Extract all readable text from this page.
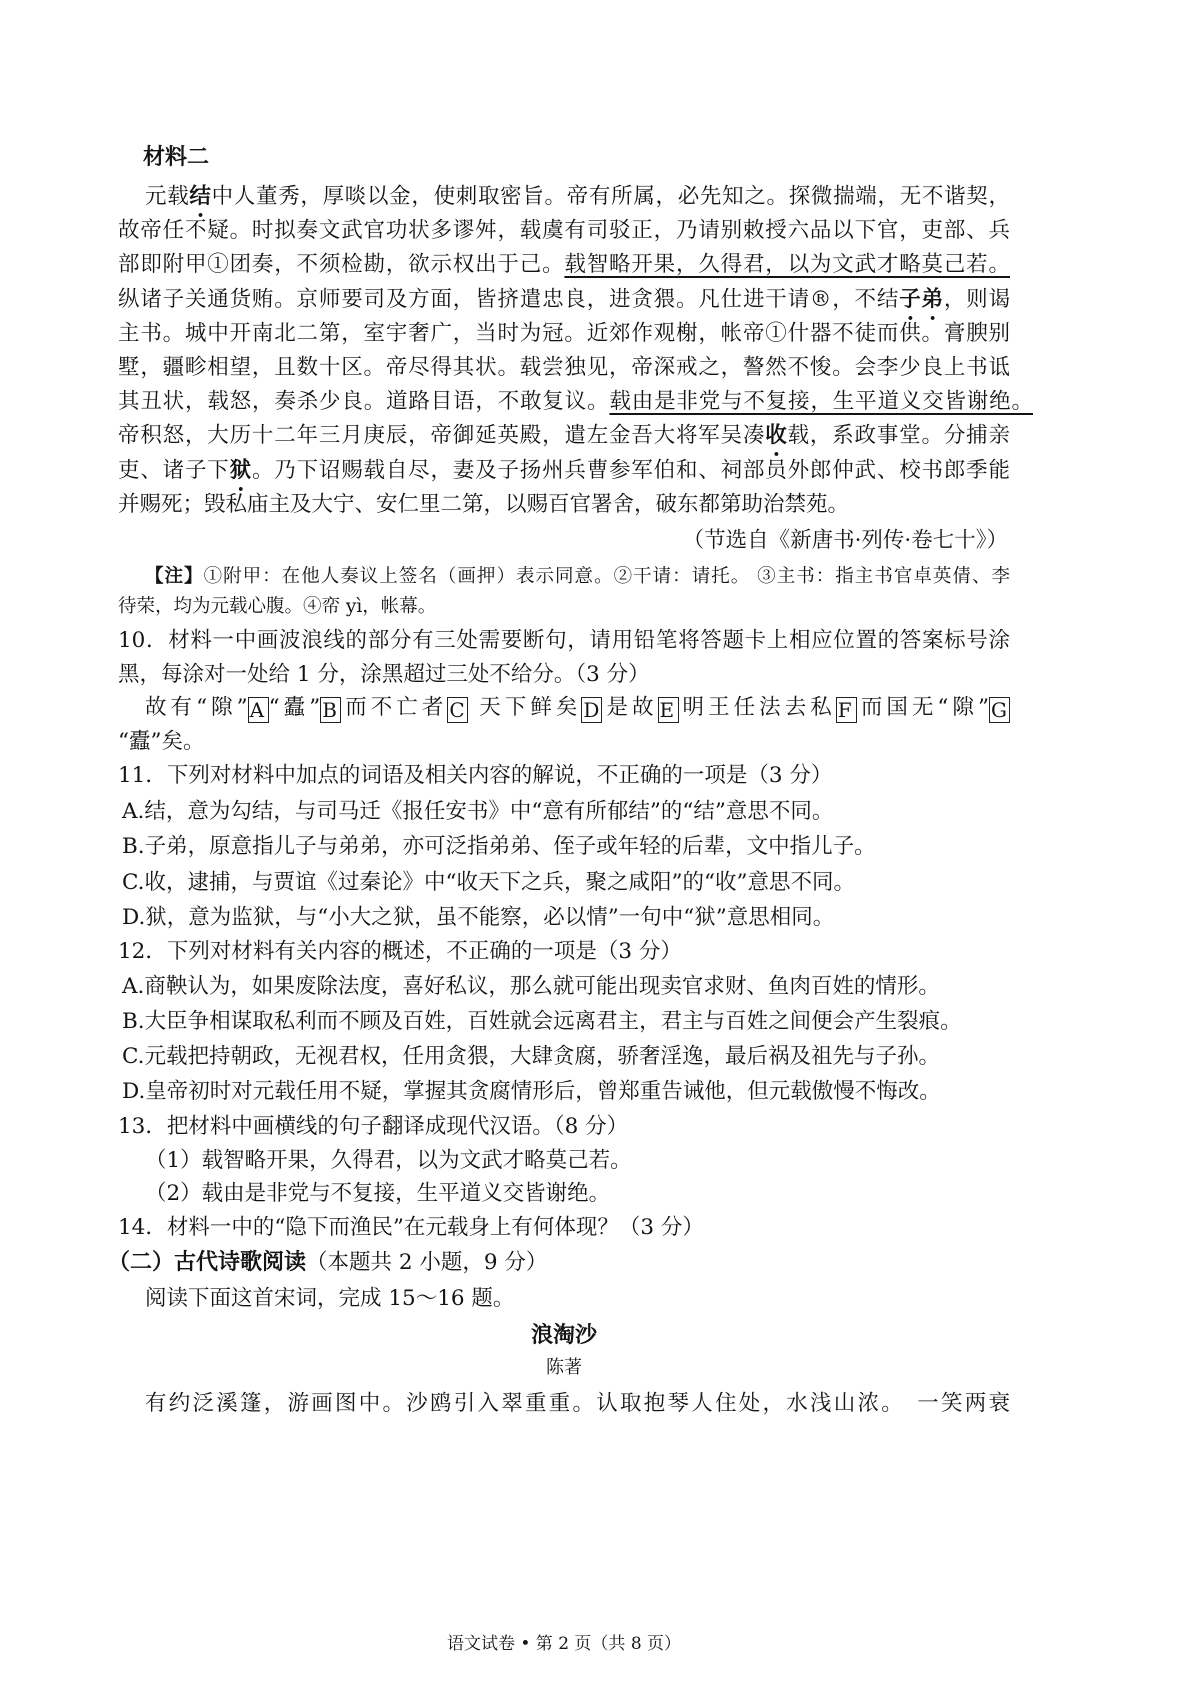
材料二
元载结中人董秀，厚啖以金，使刺取密旨。帝有所属，必先知之。探微揣端，无不谐契，
故帝任不疑。时拟奏文武官功状多谬舛，载虞有司驳正，乃请别敕授六品以下官，吏部、兵
部即附甲①团奏，不须检勘，欲示权出于己。载智略开果，久得君，以为文武才略莫己若。
纵诸子关通货贿。京师要司及方面，皆挤遣忠良，进贪猥。凡仕进干请®，不结子弟，则谒
主书。城中开南北二第，室宇奢广，当时为冠。近郊作观榭，帐帝①什器不徒而供。膏腴别
墅，疆畛相望，且数十区。帝尽得其状。载尝独见，帝深戒之，謷然不悛。会李少良上书诋
其丑状，载怒，奏杀少良。道路目语，不敢复议。载由是非党与不复接，生平道义交皆谢绝。
帝积怒，大历十二年三月庚辰，帝御延英殿，遣左金吾大将军吴凑收载，系政事堂。分捕亲
吏、诸子下狱。乃下诏赐载自尽，妻及子扬州兵曹参军伯和、祠部员外郎仲武、校书郎季能
并赐死；毁私庙主及大宁、安仁里二第，以赐百官署舍，破东都第助治禁苑。
（节选自《新唐书·列传·卷七十》）
【注】①附甲：在他人奏议上签名（画押）表示同意。②干请：请托。 ③主书：指主书官卓英倩、李
待荣，均为元载心腹。④帟 yì，帐幕。
10．材料一中画波浪线的部分有三处需要断句，请用铅笔将答题卡上相应位置的答案标号涂
黑，每涂对一处给 1 分，涂黑超过三处不给分。（3 分）
故有“隙” A “蠹” B 而不亡者 C 天下鲜矣 D 是故 E 明王任法去私 F 而国无“隙” G
“蠹”矣。
11．下列对材料中加点的词语及相关内容的解说，不正确的一项是（3 分）
A.结，意为勾结，与司马迁《报任安书》中“意有所郁结”的“结”意思不同。
B.子弟，原意指儿子与弟弟，亦可泛指弟弟、侄子或年轻的后辈，文中指儿子。
C.收，逮捕，与贾谊《过秦论》中“收天下之兵，聚之咸阳”的“收”意思不同。
D.狱，意为监狱，与“小大之狱，虽不能察，必以情”一句中“狱”意思相同。
12．下列对材料有关内容的概述，不正确的一项是（3 分）
A.商鞅认为，如果废除法度，喜好私议，那么就可能出现卖官求财、鱼肉百姓的情形。
B.大臣争相谋取私利而不顾及百姓，百姓就会远离君主，君主与百姓之间便会产生裂痕。
C.元载把持朝政，无视君权，任用贪猥，大肆贪腐，骄奢淫逸，最后祸及祖先与子孙。
D.皇帝初时对元载任用不疑，掌握其贪腐情形后，曾郑重告诫他，但元载傲慢不悔改。
13．把材料中画横线的句子翻译成现代汉语。（8 分）
（1）载智略开果，久得君，以为文武才略莫己若。
（2）载由是非党与不复接，生平道义交皆谢绝。
14．材料一中的“隐下而渔民”在元载身上有何体现？（3 分）
（二）古代诗歌阅读（本题共 2 小题，9 分）
阅读下面这首宋词，完成 15～16 题。
浪淘沙
陈著
有约泛溪篷，游画图中。沙鸥引入翠重重。认取抱琴人住处，水浅山浓。 一笑两衰
语文试卷 • 第 2 页（共 8 页）
